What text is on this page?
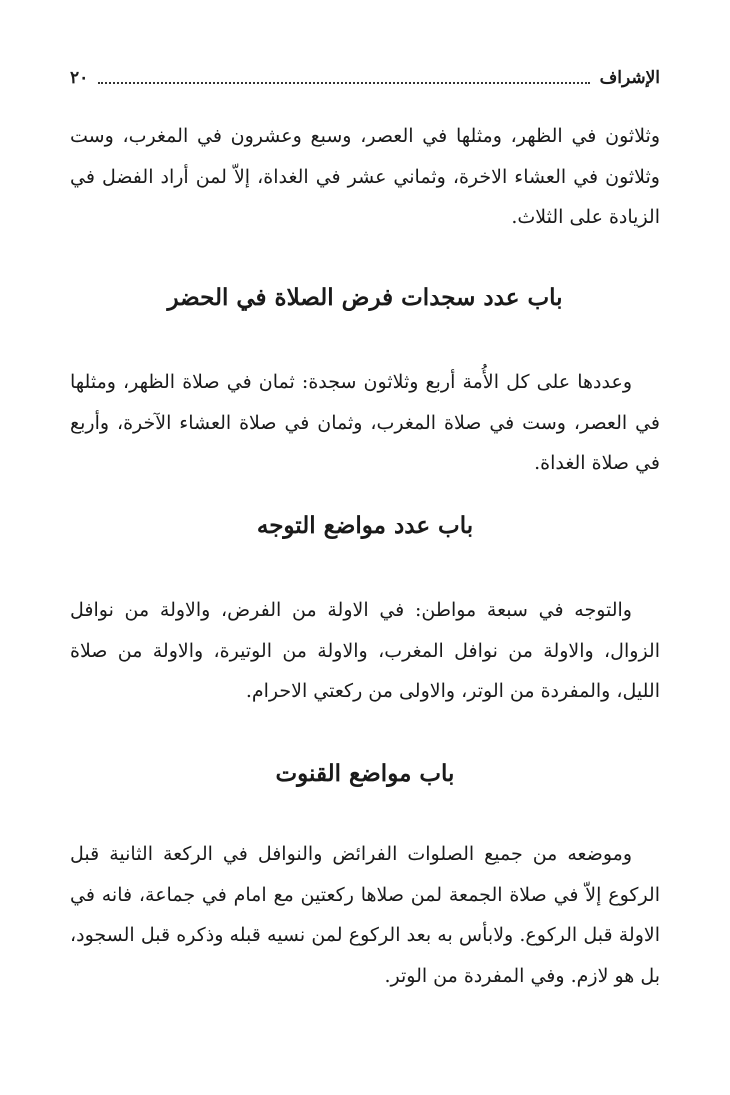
الإشراف
٢٠

وثلاثون في الظهر، ومثلها في العصر، وسبع وعشرون في المغرب، وست وثلاثون في العشاء الاخرة، وثماني عشر في الغداة، إلاّ لمن أراد الفضل في الزيادة على الثلاث.

باب عدد سجدات فرض الصلاة في الحضر

وعددها على كل الأُمة أربع وثلاثون سجدة: ثمان في صلاة الظهر، ومثلها في العصر، وست في صلاة المغرب، وثمان في صلاة العشاء الآخرة، وأربع في صلاة الغداة.

باب عدد مواضع التوجه

والتوجه في سبعة مواطن: في الاولة من الفرض، والاولة من نوافل الزوال، والاولة من نوافل المغرب، والاولة من الوتيرة، والاولة من صلاة الليل، والمفردة من الوتر، والاولى من ركعتي الاحرام.

باب مواضع القنوت

وموضعه من جميع الصلوات الفرائض والنوافل في الركعة الثانية قبل الركوع إلاّ في صلاة الجمعة لمن صلاها ركعتين مع امام في جماعة، فانه في الاولة قبل الركوع. ولابأس به بعد الركوع لمن نسيه قبله وذكره قبل السجود، بل هو لازم. وفي المفردة من الوتر.
